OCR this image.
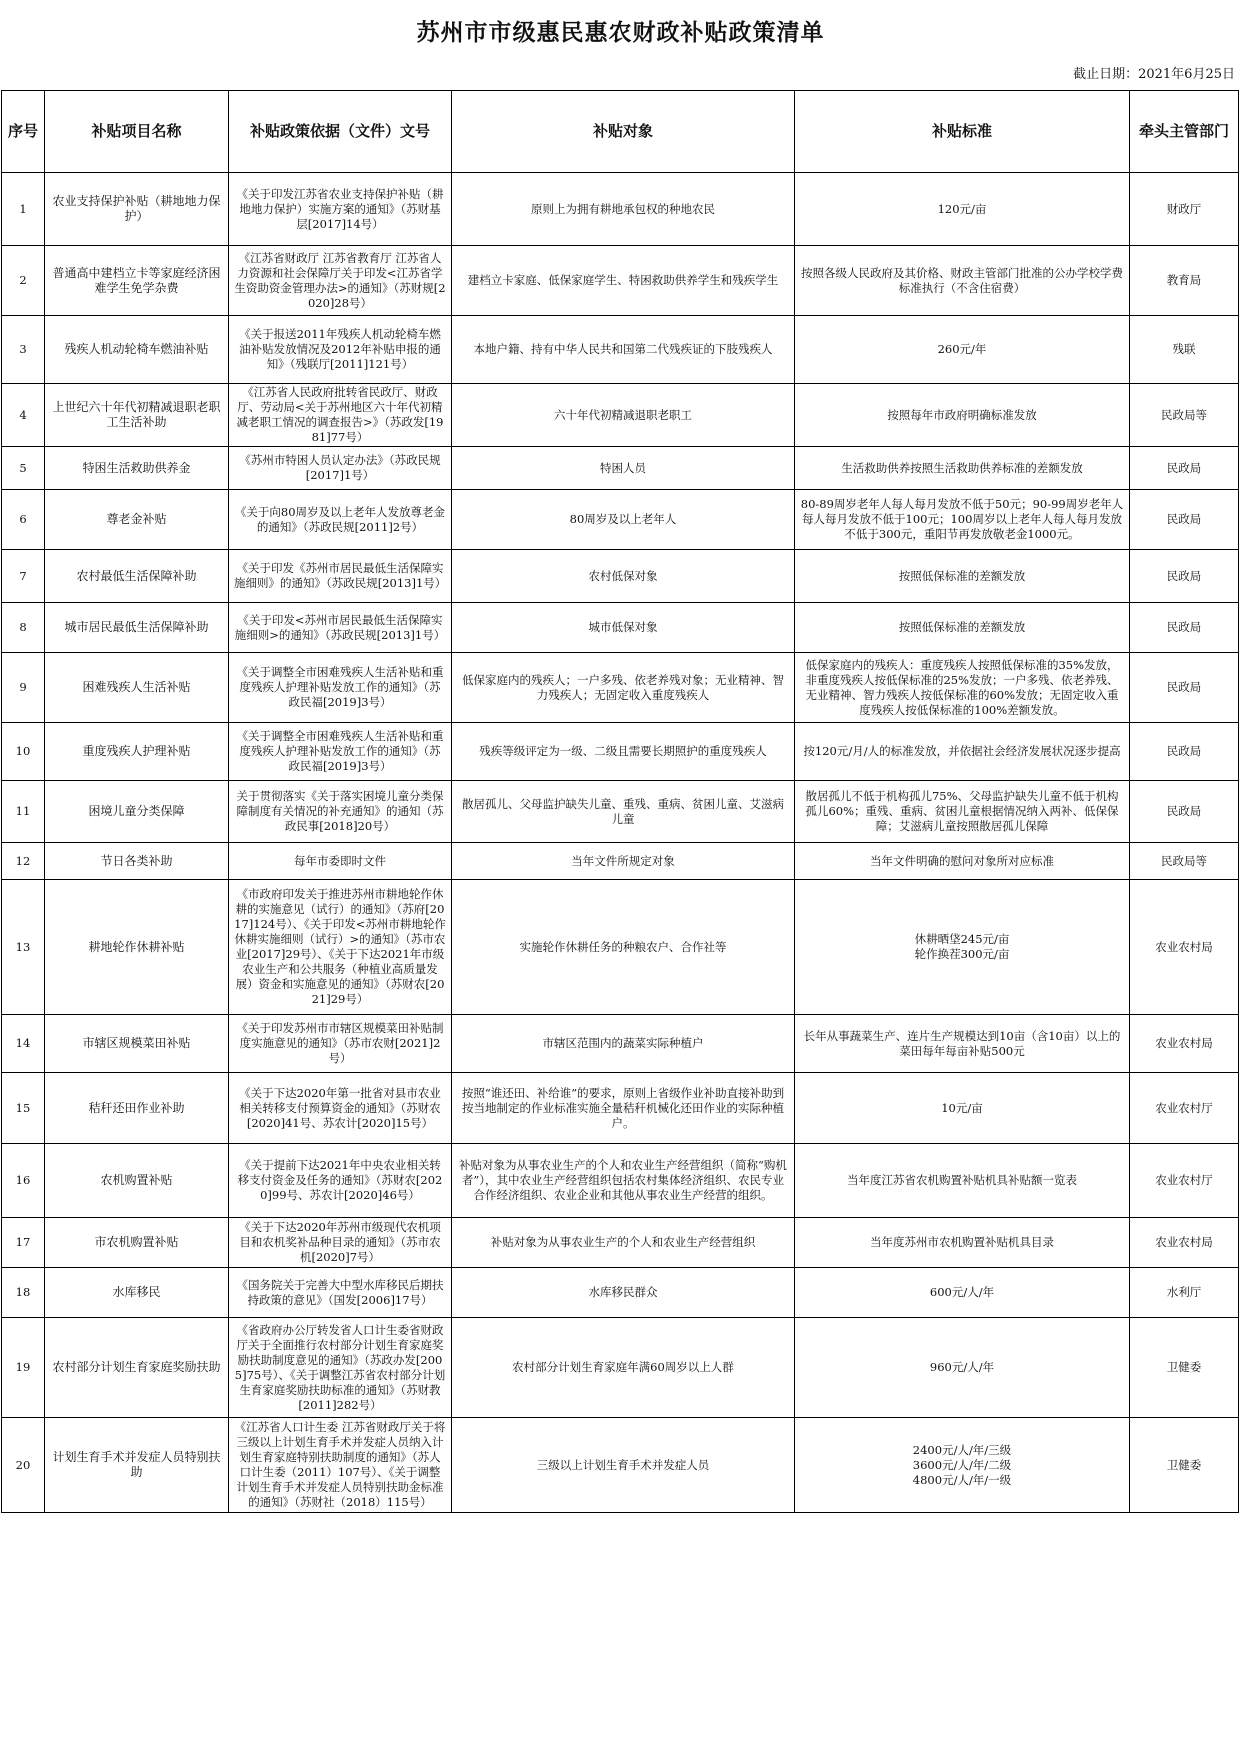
苏州市市级惠民惠农财政补贴政策清单
截止日期：2021年6月25日
序号	补贴项目名称	补贴政策依据（文件）文号	补贴对象	补贴标准	牵头主管部门
1	农业支持保护补贴（耕地地力保护）	《关于印发江苏省农业支持保护补贴（耕地地力保护）实施方案的通知》（苏财基层[2017]14号）	原则上为拥有耕地承包权的种地农民	120元/亩	财政厅
2	普通高中建档立卡等家庭经济困难学生免学杂费	《江苏省财政厅 江苏省教育厅 江苏省人力资源和社会保障厅关于印发<江苏省学生资助资金管理办法>的通知》（苏财规[2020]28号）	建档立卡家庭、低保家庭学生、特困救助供养学生和残疾学生	按照各级人民政府及其价格、财政主管部门批准的公办学校学费标准执行（不含住宿费）	教育局
3	残疾人机动轮椅车燃油补贴	《关于报送2011年残疾人机动轮椅车燃油补贴发放情况及2012年补贴申报的通知》（残联厅[2011]121号）	本地户籍、持有中华人民共和国第二代残疾证的下肢残疾人	260元/年	残联
4	上世纪六十年代初精减退职老职工生活补助	《江苏省人民政府批转省民政厅、财政厅、劳动局<关于苏州地区六十年代初精减老职工情况的调查报告>》（苏政发[1981]77号）	六十年代初精减退职老职工	按照每年市政府明确标准发放	民政局等
5	特困生活救助供养金	《苏州市特困人员认定办法》（苏政民规[2017]1号）	特困人员	生活救助供养按照生活救助供养标准的差额发放	民政局
6	尊老金补贴	《关于向80周岁及以上老年人发放尊老金的通知》（苏政民规[2011]2号）	80周岁及以上老年人	80-89周岁老年人每人每月发放不低于50元；90-99周岁老年人每人每月发放不低于100元；100周岁以上老年人每人每月发放不低于300元，重阳节再发放敬老金1000元。	民政局
7	农村最低生活保障补助	《关于印发《苏州市居民最低生活保障实施细则》的通知》（苏政民规[2013]1号）	农村低保对象	按照低保标准的差额发放	民政局
8	城市居民最低生活保障补助	《关于印发<苏州市居民最低生活保障实施细则>的通知》（苏政民规[2013]1号）	城市低保对象	按照低保标准的差额发放	民政局
9	困难残疾人生活补贴	《关于调整全市困难残疾人生活补贴和重度残疾人护理补贴发放工作的通知》（苏政民福[2019]3号）	低保家庭内的残疾人；一户多残、依老养残对象；无业精神、智力残疾人；无固定收入重度残疾人	低保家庭内的残疾人：重度残疾人按照低保标准的35%发放，非重度残疾人按低保标准的25%发放；一户多残、依老养残、无业精神、智力残疾人按低保标准的60%发放；无固定收入重度残疾人按低保标准的100%差额发放。	民政局
10	重度残疾人护理补贴	《关于调整全市困难残疾人生活补贴和重度残疾人护理补贴发放工作的通知》（苏政民福[2019]3号）	残疾等级评定为一级、二级且需要长期照护的重度残疾人	按120元/月/人的标准发放，并依据社会经济发展状况逐步提高	民政局
11	困境儿童分类保障	关于贯彻落实《关于落实困境儿童分类保障制度有关情况的补充通知》的通知（苏政民事[2018]20号）	散居孤儿、父母监护缺失儿童、重残、重病、贫困儿童、艾滋病儿童	散居孤儿不低于机构孤儿75%、父母监护缺失儿童不低于机构孤儿60%；重残、重病、贫困儿童根据情况纳入两补、低保保障；艾滋病儿童按照散居孤儿保障	民政局
12	节日各类补助	每年市委即时文件	当年文件所规定对象	当年文件明确的慰问对象所对应标准	民政局等
13	耕地轮作休耕补贴	《市政府印发关于推进苏州市耕地轮作休耕的实施意见（试行）的通知》（苏府[2017]124号）、《关于印发<苏州市耕地轮作休耕实施细则（试行）>的通知》（苏市农业[2017]29号）、《关于下达2021年市级农业生产和公共服务（种植业高质量发展）资金和实施意见的通知》（苏财农[2021]29号）	实施轮作休耕任务的种粮农户、合作社等	休耕晒垡245元/亩
轮作换茬300元/亩	农业农村局
14	市辖区规模菜田补贴	《关于印发苏州市市辖区规模菜田补贴制度实施意见的通知》（苏市农财[2021]2号）	市辖区范围内的蔬菜实际种植户	长年从事蔬菜生产、连片生产规模达到10亩（含10亩）以上的菜田每年每亩补贴500元	农业农村局
15	秸秆还田作业补助	《关于下达2020年第一批省对县市农业相关转移支付预算资金的通知》（苏财农[2020]41号、苏农计[2020]15号）	按照“谁还田、补给谁”的要求，原则上省级作业补助直接补助到按当地制定的作业标准实施全量秸秆机械化还田作业的实际种植户。	10元/亩	农业农村厅
16	农机购置补贴	《关于提前下达2021年中央农业相关转移支付资金及任务的通知》（苏财农[2020]99号、苏农计[2020]46号）	补贴对象为从事农业生产的个人和农业生产经营组织（简称“购机者”），其中农业生产经营组织包括农村集体经济组织、农民专业合作经济组织、农业企业和其他从事农业生产经营的组织。	当年度江苏省农机购置补贴机具补贴额一览表	农业农村厅
17	市农机购置补贴	《关于下达2020年苏州市级现代农机项目和农机奖补品种目录的通知》（苏市农机[2020]7号）	补贴对象为从事农业生产的个人和农业生产经营组织	当年度苏州市农机购置补贴机具目录	农业农村局
18	水库移民	《国务院关于完善大中型水库移民后期扶持政策的意见》（国发[2006]17号）	水库移民群众	600元/人/年	水利厅
19	农村部分计划生育家庭奖励扶助	《省政府办公厅转发省人口计生委省财政厅关于全面推行农村部分计划生育家庭奖励扶助制度意见的通知》（苏政办发[2005]75号）、《关于调整江苏省农村部分计划生育家庭奖励扶助标准的通知》（苏财教[2011]282号）	农村部分计划生育家庭年满60周岁以上人群	960元/人/年	卫健委
20	计划生育手术并发症人员特别扶助	《江苏省人口计生委 江苏省财政厅关于将三级以上计划生育手术并发症人员纳入计划生育家庭特别扶助制度的通知》（苏人口计生委（2011）107号）、《关于调整计划生育手术并发症人员特别扶助金标准的通知》（苏财社（2018）115号）	三级以上计划生育手术并发症人员	2400元/人/年/三级
3600元/人/年/二级
4800元/人/年/一级	卫健委
